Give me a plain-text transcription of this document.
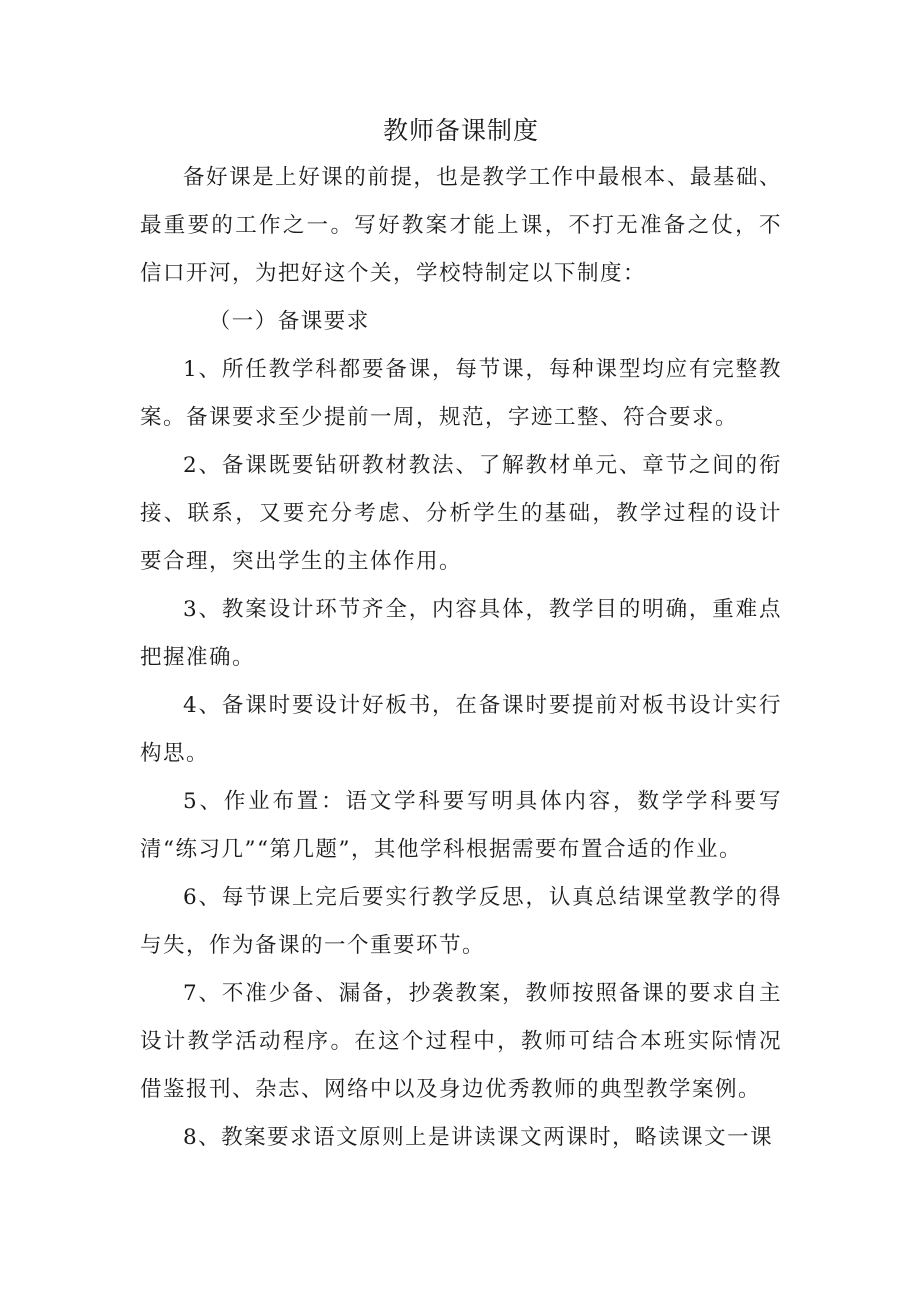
教师备课制度

备好课是上好课的前提，也是教学工作中最根本、最基础、最重要的工作之一。写好教案才能上课，不打无准备之仗，不信口开河，为把好这个关，学校特制定以下制度：

（一）备课要求

1、所任教学科都要备课，每节课，每种课型均应有完整教案。备课要求至少提前一周，规范，字迹工整、符合要求。

2、备课既要钻研教材教法、了解教材单元、章节之间的衔接、联系，又要充分考虑、分析学生的基础，教学过程的设计要合理，突出学生的主体作用。

3、教案设计环节齐全，内容具体，教学目的明确，重难点把握准确。

4、备课时要设计好板书，在备课时要提前对板书设计实行构思。

5、作业布置：语文学科要写明具体内容，数学学科要写清“练习几”“第几题”，其他学科根据需要布置合适的作业。

6、每节课上完后要实行教学反思，认真总结课堂教学的得与失，作为备课的一个重要环节。

7、不准少备、漏备，抄袭教案，教师按照备课的要求自主设计教学活动程序。在这个过程中，教师可结合本班实际情况借鉴报刊、杂志、网络中以及身边优秀教师的典型教学案例。

8、教案要求语文原则上是讲读课文两课时，略读课文一课
